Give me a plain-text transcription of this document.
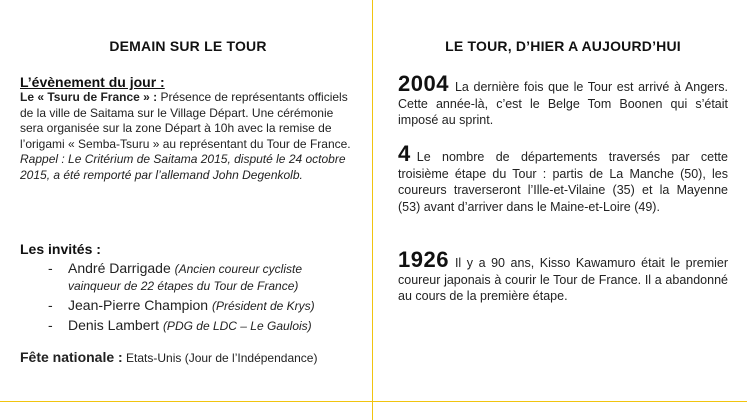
DEMAIN SUR LE TOUR
L’évènement du jour :
Le « Tsuru de France » : Présence de représentants officiels de la ville de Saitama sur le Village Départ. Une cérémonie sera organisée sur la zone Départ à 10h avec la remise de l’origami « Semba-Tsuru » au représentant du Tour de France.
Rappel : Le Critérium de Saitama 2015, disputé le 24 octobre 2015, a été remporté par l’allemand John Degenkolb.
Les invités :
- André Darrigade (Ancien coureur cycliste vainqueur de 22 étapes du Tour de France)
- Jean-Pierre Champion (Président de Krys)
- Denis Lambert (PDG de LDC – Le Gaulois)
Fête nationale : Etats-Unis (Jour de l’Indépendance)
LE TOUR, D’HIER A AUJOURD’HUI
2004 La dernière fois que le Tour est arrivé à Angers. Cette année-là, c’est le Belge Tom Boonen qui s’était imposé au sprint.
4 Le nombre de départements traversés par cette troisième étape du Tour : partis de La Manche (50), les coureurs traverseront l’Ille-et-Vilaine (35) et la Mayenne (53) avant d’arriver dans le Maine-et-Loire (49).
1926 Il y a 90 ans, Kisso Kawamuro était le premier coureur japonais à courir le Tour de France. Il a abandonné au cours de la première étape.
